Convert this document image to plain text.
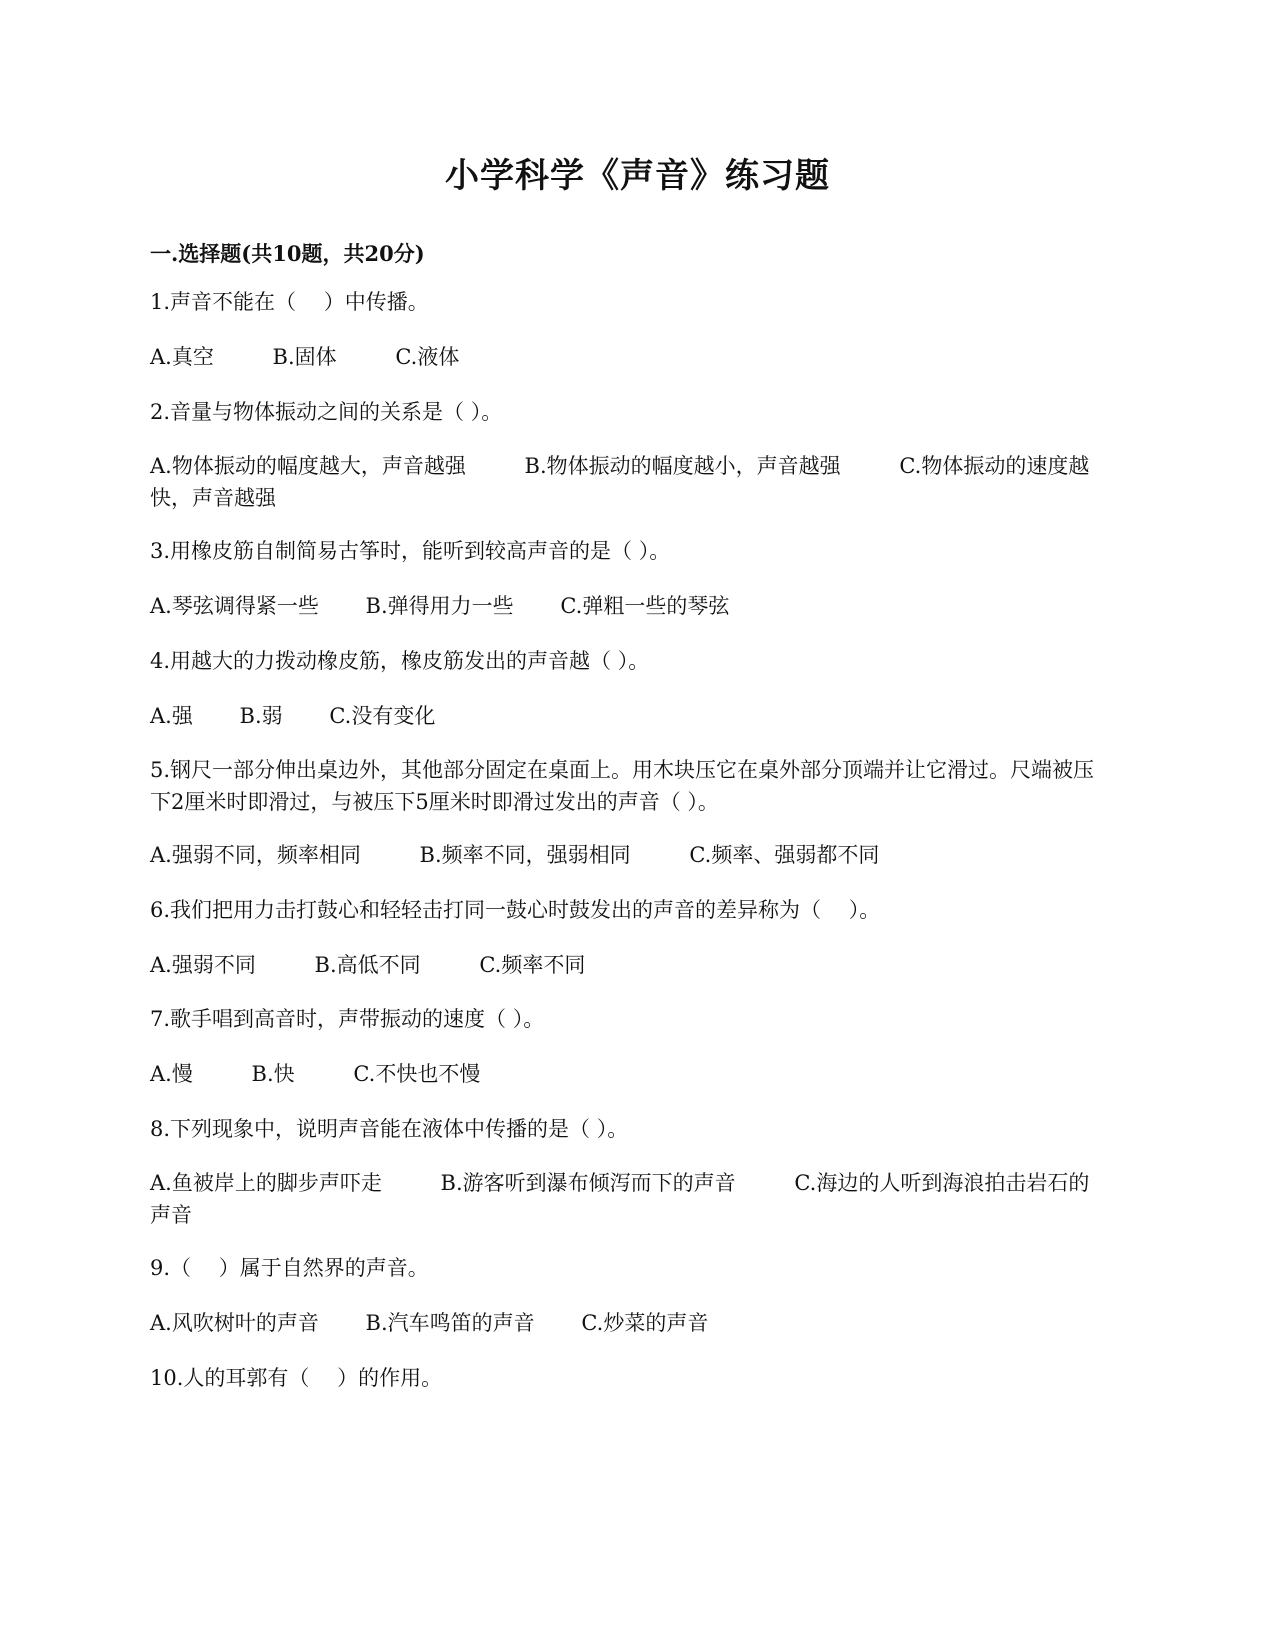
小学科学《声音》练习题
一.选择题(共10题，共20分)
1.声音不能在（　 ）中传播。
A.真空	B.固体	C.液体
2.音量与物体振动之间的关系是（ ）。
A.物体振动的幅度越大，声音越强	B.物体振动的幅度越小，声音越强	C.物体振动的速度越快，声音越强
3.用橡皮筋自制简易古筝时，能听到较高声音的是（ ）。
A.琴弦调得紧一些 B.弹得用力一些 C.弹粗一些的琴弦
4.用越大的力拨动橡皮筋，橡皮筋发出的声音越（ ）。
A.强 B.弱 C.没有变化
5.钢尺一部分伸出桌边外，其他部分固定在桌面上。用木块压它在桌外部分顶端并让它滑过。尺端被压下2厘米时即滑过，与被压下5厘米时即滑过发出的声音（ ）。
A.强弱不同，频率相同	B.频率不同，强弱相同	C.频率、强弱都不同
6.我们把用力击打鼓心和轻轻击打同一鼓心时鼓发出的声音的差异称为（　 ）。
A.强弱不同	B.高低不同	C.频率不同
7.歌手唱到高音时，声带振动的速度（ ）。
A.慢	B.快	C.不快也不慢
8.下列现象中，说明声音能在液体中传播的是（ ）。
A.鱼被岸上的脚步声吓走	B.游客听到瀑布倾泻而下的声音	C.海边的人听到海浪拍击岩石的声音
9.（　 ）属于自然界的声音。
A.风吹树叶的声音 B.汽车鸣笛的声音 C.炒菜的声音
10.人的耳郭有（　 ）的作用。
